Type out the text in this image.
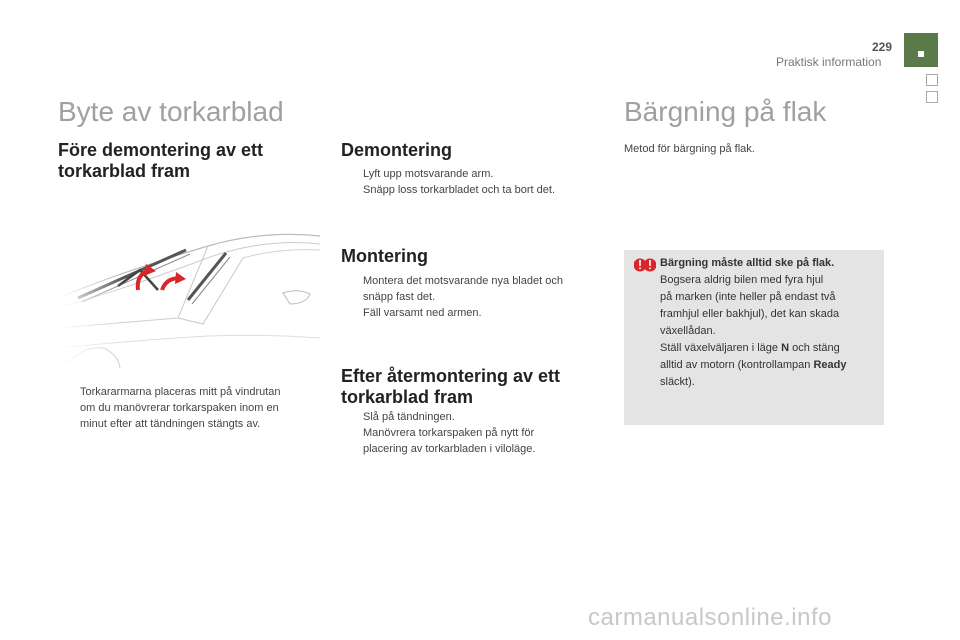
229
Praktisk information
Byte av torkarblad
Före demontering av ett
torkarblad fram
Torkararmarna placeras mitt på vindrutan
om du manövrerar torkarspaken inom en
minut efter att tändningen stängts av.
Demontering
Lyft upp motsvarande arm.
Snäpp loss torkarbladet och ta bort det.
Montering
Montera det motsvarande nya bladet och
snäpp fast det.
Fäll varsamt ned armen.
Efter återmontering av ett
torkarblad fram
Slå på tändningen.
Manövrera torkarspaken på nytt för
placering av torkarbladen i viloläge.
Bärgning på flak
Metod för bärgning på flak.
Bärgning måste alltid ske på flak.
Bogsera aldrig bilen med fyra hjul
på marken (inte heller på endast två
framhjul eller bakhjul), det kan skada
växellådan.
Ställ växelväljaren i läge N och stäng
alltid av motorn (kontrollampan Ready
släckt).
carmanualsonline.info
